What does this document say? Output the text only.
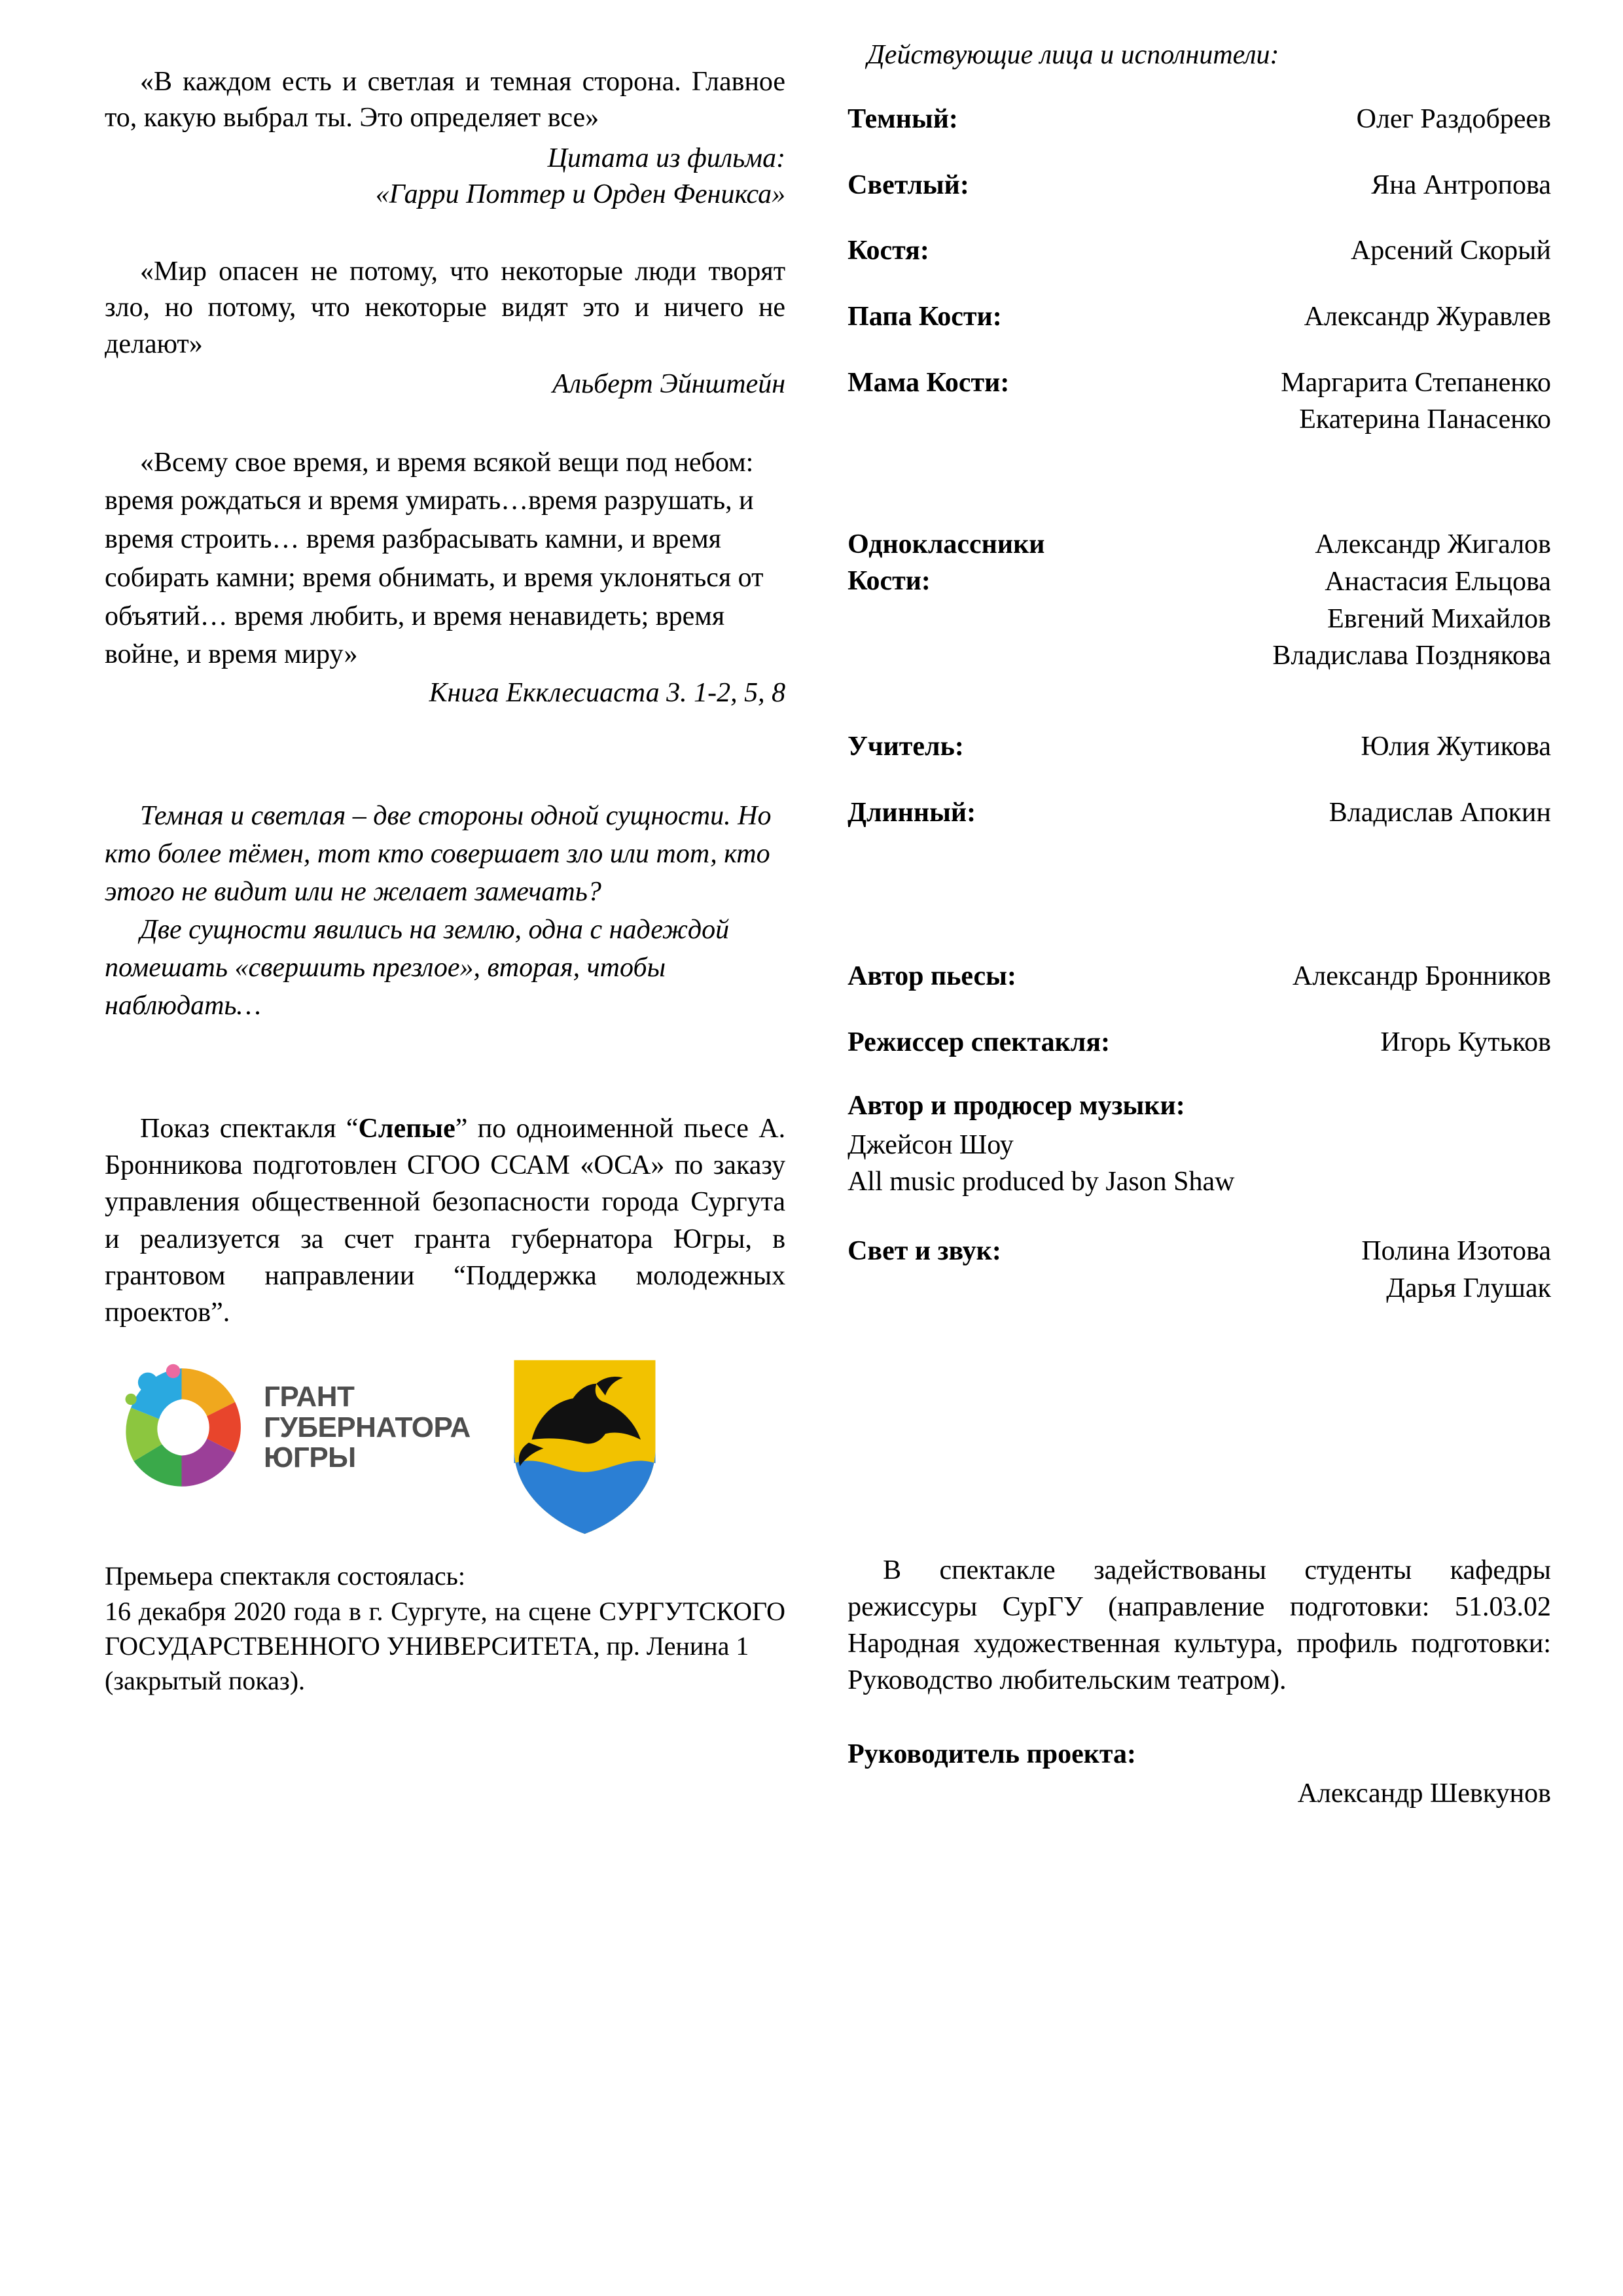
«В каждом есть и светлая и темная сторона. Главное то, какую выбрал ты. Это определяет все»
Цитата из фильма:
«Гарри Поттер и Орден Феникса»
«Мир опасен не потому, что некоторые люди творят зло, но потому, что некоторые видят это и ничего не делают»
Альберт Эйнштейн
«Всему свое время, и время всякой вещи под небом: время рождаться и время умирать…время разрушать, и время строить… время разбрасывать камни, и время собирать камни; время обнимать, и время уклоняться от объятий… время любить, и время ненавидеть; время войне, и время миру»
Книга Екклесиаста 3. 1-2, 5, 8
Темная и светлая – две стороны одной сущности. Но кто более тёмен, тот кто совершает зло или тот, кто этого не видит или не желает замечать?
Две сущности явились на землю, одна с надеждой помешать «свершить презлое», вторая, чтобы наблюдать…
Показ спектакля “Слепые” по одноименной пьесе А. Бронникова подготовлен СГОО ССАМ «ОСА» по заказу управления общественной безопасности города Сургута и реализуется за счет гранта губернатора Югры, в грантовом направлении “Поддержка молодежных проектов”.
ГРАНТ
ГУБЕРНАТОРА
ЮГРЫ
Премьера спектакля состоялась:
16 декабря 2020 года в г. Сургуте, на сцене СУРГУТСКОГО ГОСУДАРСТВЕННОГО УНИВЕРСИТЕТА, пр. Ленина 1
(закрытый показ).
Действующие лица и исполнители:
Темный:	Олег Раздобреев
Светлый:	Яна Антропова
Костя:	Арсений Скорый
Папа Кости:	Александр Журавлев
Мама Кости:	Маргарита Степаненко
Екатерина Панасенко
Одноклассники
Кости:
Александр Жигалов
Анастасия Ельцова
Евгений Михайлов
Владислава Позднякова
Учитель:	Юлия Жутикова
Длинный:	Владислав Апокин
Автор пьесы:	Александр Бронников
Режиссер спектакля:	Игорь Кутьков
Автор и продюсер музыки:
Джейсон Шоу
All music produced by Jason Shaw
Свет и звук:	Полина Изотова
Дарья Глушак
В спектакле задействованы студенты кафедры режиссуры СурГУ (направление подготовки: 51.03.02 Народная художественная культура, профиль подготовки: Руководство любительским театром).
Руководитель проекта:
Александр Шевкунов
